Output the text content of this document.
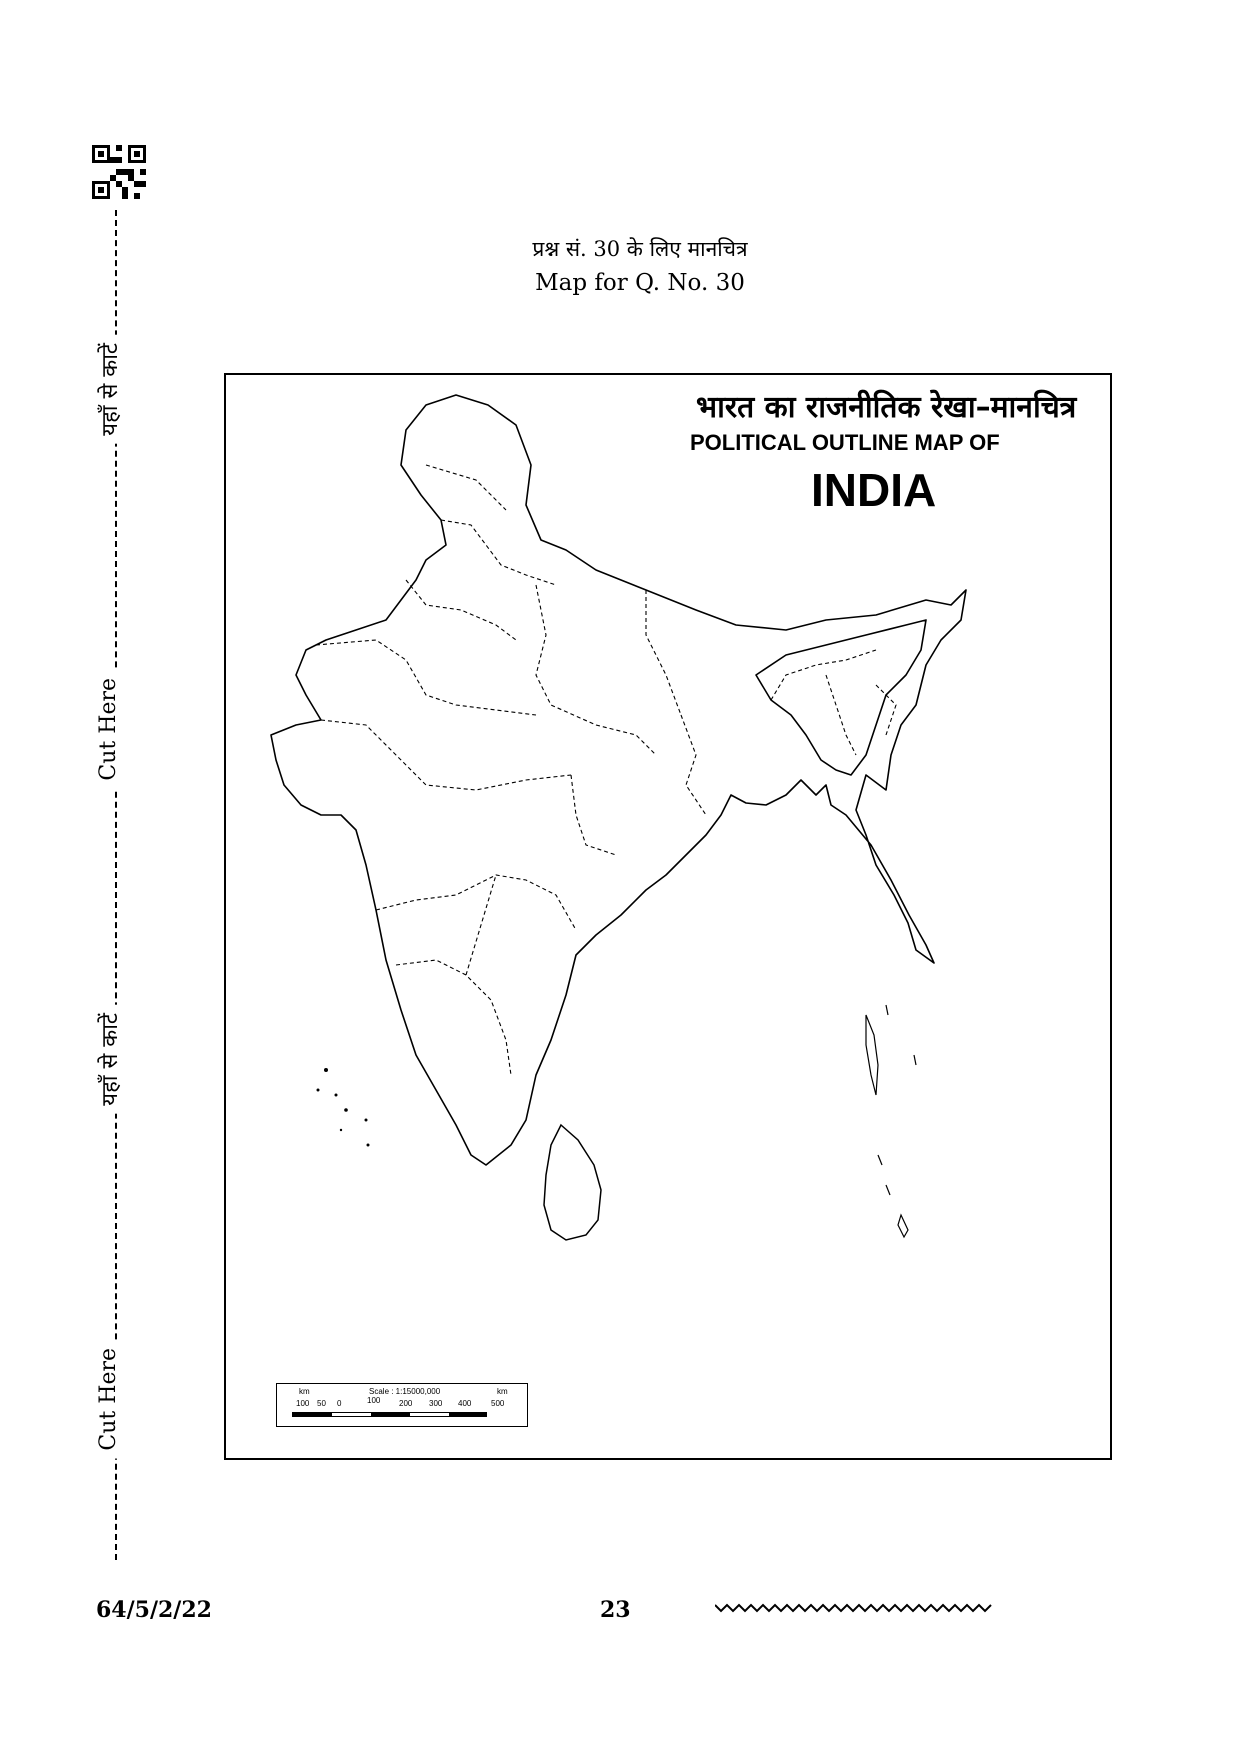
यहाँ से काटें
Cut Here
यहाँ से काटें
Cut Here
प्रश्न सं. 30 के लिए मानचित्र
Map for Q. No. 30
भारत का राजनीतिक रेखा–मानचित्र
POLITICAL OUTLINE MAP OF
INDIA
km	Scale : 1:15000,000	km
100 50 0	100 200 300 400 500
64/5/2/22	23
